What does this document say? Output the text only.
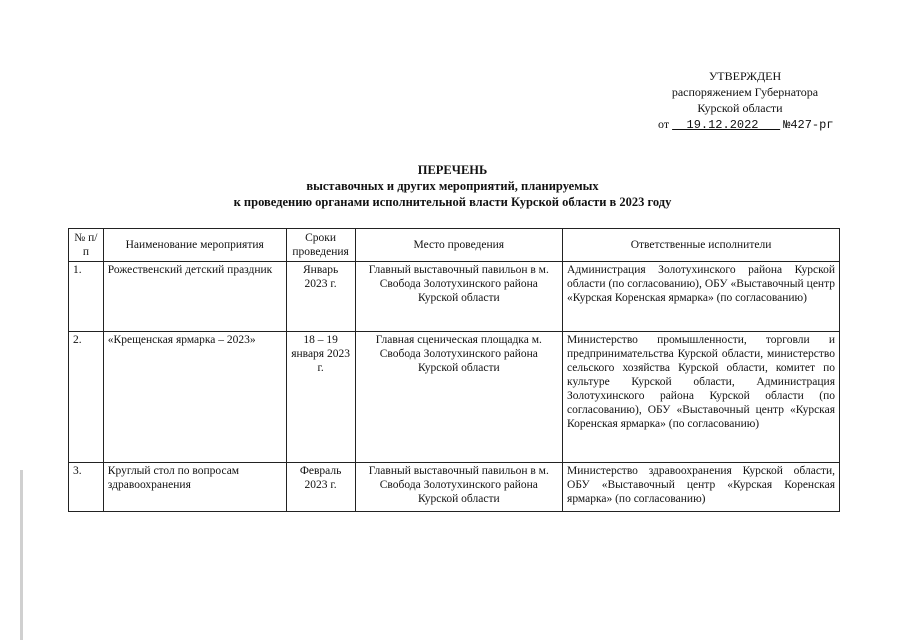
УТВЕРЖДЕН
распоряжением Губернатора
Курской области
от 19.12.2022 №427-рг
ПЕРЕЧЕНЬ
выставочных и других мероприятий, планируемых
к проведению органами исполнительной власти Курской области в 2023 году
№ п/п	Наименование мероприятия	Сроки проведения	Место проведения	Ответственные исполнители
1.	Рожественский детский праздник	Январь 2023 г.	Главный выставочный павильон в м. Свобода Золотухинского района Курской области	Администрация Золотухинского района Курской области (по согласованию), ОБУ «Выставочный центр «Курская Коренская ярмарка» (по согласованию)
2.	«Крещенская ярмарка – 2023»	18 – 19 января 2023 г.	Главная сценическая площадка м. Свобода Золотухинского района Курской области	Министерство промышленности, торговли и предпринимательства Курской области, министерство сельского хозяйства Курской области, комитет по культуре Курской области, Администрация Золотухинского района Курской области (по согласованию), ОБУ «Выставочный центр «Курская Коренская ярмарка» (по согласованию)
3.	Круглый стол по вопросам здравоохранения	Февраль 2023 г.	Главный выставочный павильон в м. Свобода Золотухинского района Курской области	Министерство здравоохранения Курской области, ОБУ «Выставочный центр «Курская Коренская ярмарка» (по согласованию)
